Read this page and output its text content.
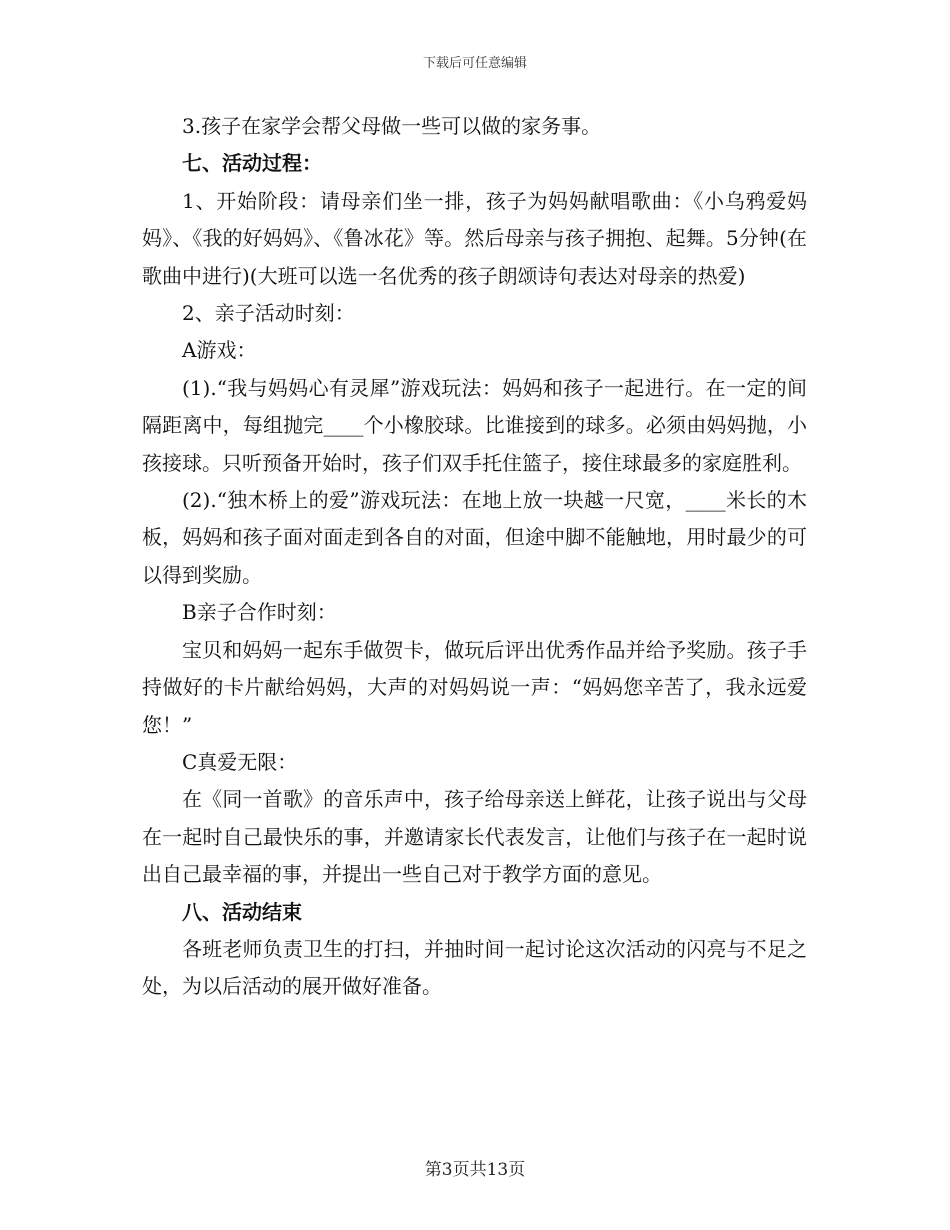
下载后可任意编辑

3.孩子在家学会帮父母做一些可以做的家务事。

七、活动过程：

1、开始阶段：请母亲们坐一排，孩子为妈妈献唱歌曲：《小乌鸦爱妈妈》、《我的好妈妈》、《鲁冰花》等。然后母亲与孩子拥抱、起舞。5分钟(在歌曲中进行)(大班可以选一名优秀的孩子朗颂诗句表达对母亲的热爱)

2、亲子活动时刻：

A游戏：

(1).“我与妈妈心有灵犀”游戏玩法：妈妈和孩子一起进行。在一定的间隔距离中，每组抛完____个小橡胶球。比谁接到的球多。必须由妈妈抛，小孩接球。只听预备开始时，孩子们双手托住篮子，接住球最多的家庭胜利。

(2).“独木桥上的爱”游戏玩法：在地上放一块越一尺宽，____米长的木板，妈妈和孩子面对面走到各自的对面，但途中脚不能触地，用时最少的可以得到奖励。

B亲子合作时刻：

宝贝和妈妈一起东手做贺卡，做玩后评出优秀作品并给予奖励。孩子手持做好的卡片献给妈妈，大声的对妈妈说一声：“妈妈您辛苦了，我永远爱您！”

C真爱无限：

在《同一首歌》的音乐声中，孩子给母亲送上鲜花，让孩子说出与父母在一起时自己最快乐的事，并邀请家长代表发言，让他们与孩子在一起时说出自己最幸福的事，并提出一些自己对于教学方面的意见。

八、活动结束

各班老师负责卫生的打扫，并抽时间一起讨论这次活动的闪亮与不足之处，为以后活动的展开做好准备。

第3页共13页
